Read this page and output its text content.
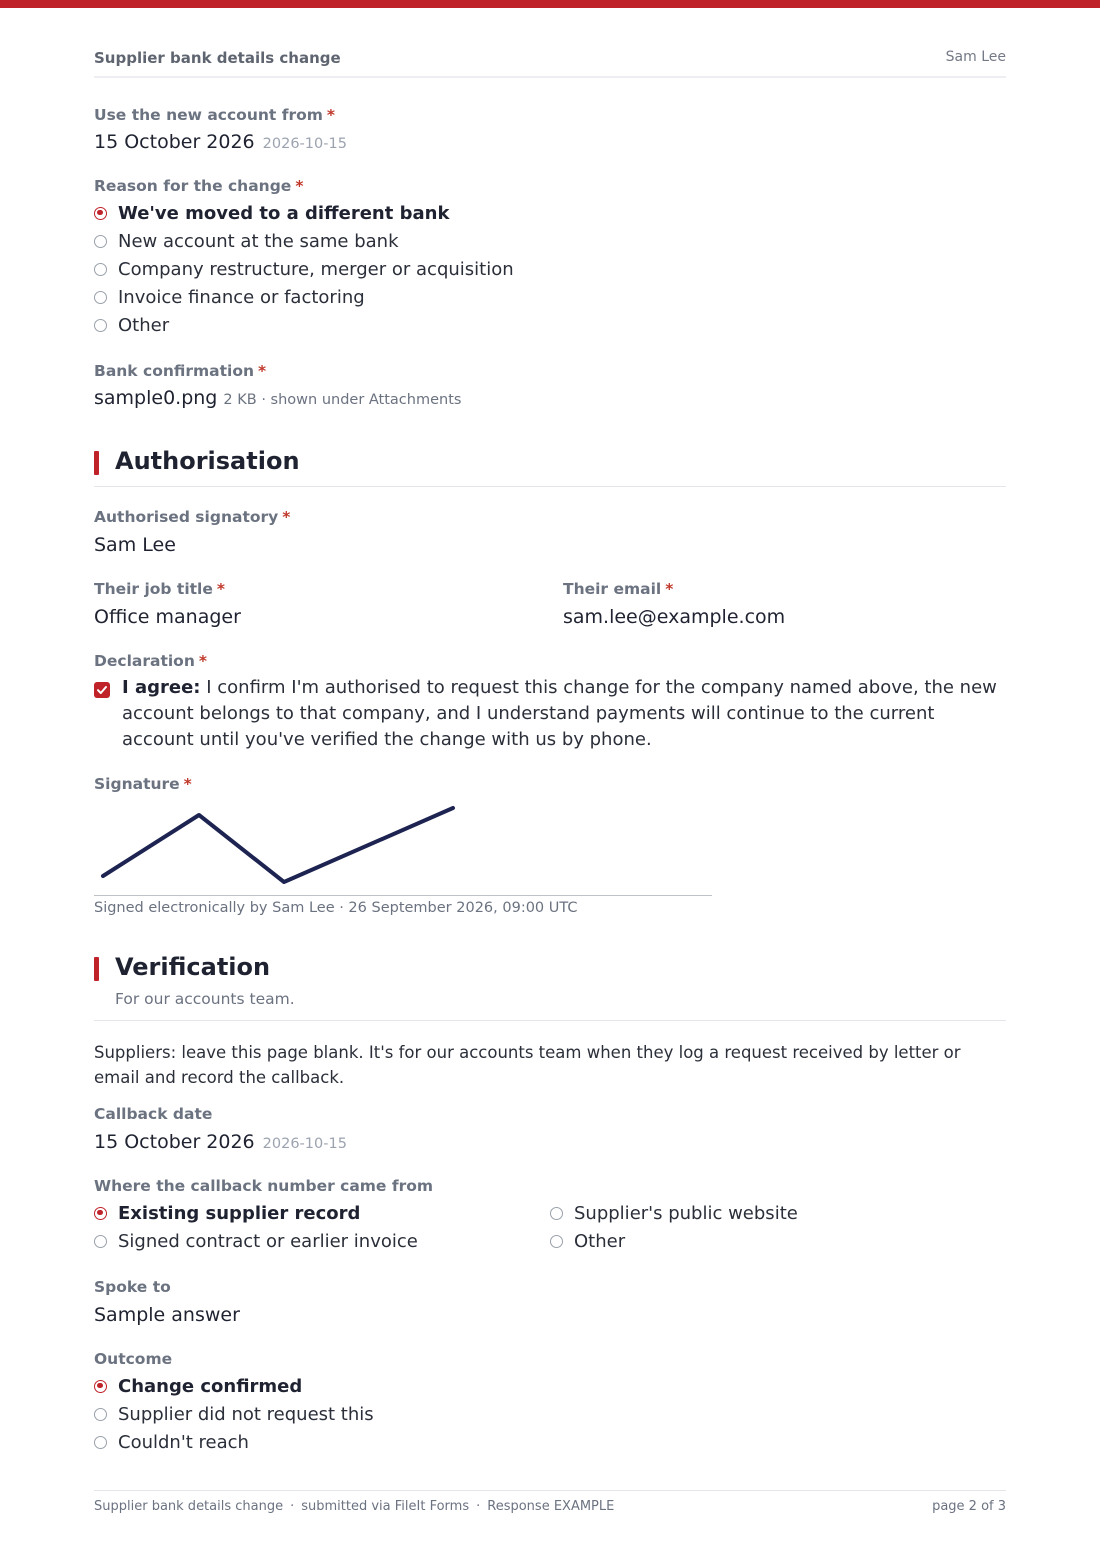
Supplier bank details change	Sam Lee
Use the new account from *
15 October 2026 2026-10-15
Reason for the change *
We've moved to a different bank
New account at the same bank
Company restructure, merger or acquisition
Invoice finance or factoring
Other
Bank confirmation *
sample0.png 2 KB · shown under Attachments
Authorisation
Authorised signatory *
Sam Lee
Their job title *
Office manager
Their email *
sam.lee@example.com
Declaration *
I agree: I confirm I'm authorised to request this change for the company named above, the new account belongs to that company, and I understand payments will continue to the current account until you've verified the change with us by phone.
Signature *
Signed electronically by Sam Lee · 26 September 2026, 09:00 UTC
Verification
For our accounts team.
Suppliers: leave this page blank. It's for our accounts team when they log a request received by letter or email and record the callback.
Callback date
15 October 2026 2026-10-15
Where the callback number came from
Existing supplier record
Signed contract or earlier invoice
Supplier's public website
Other
Spoke to
Sample answer
Outcome
Change confirmed
Supplier did not request this
Couldn't reach
Supplier bank details change · submitted via FileIt Forms · Response EXAMPLE	page 2 of 3
